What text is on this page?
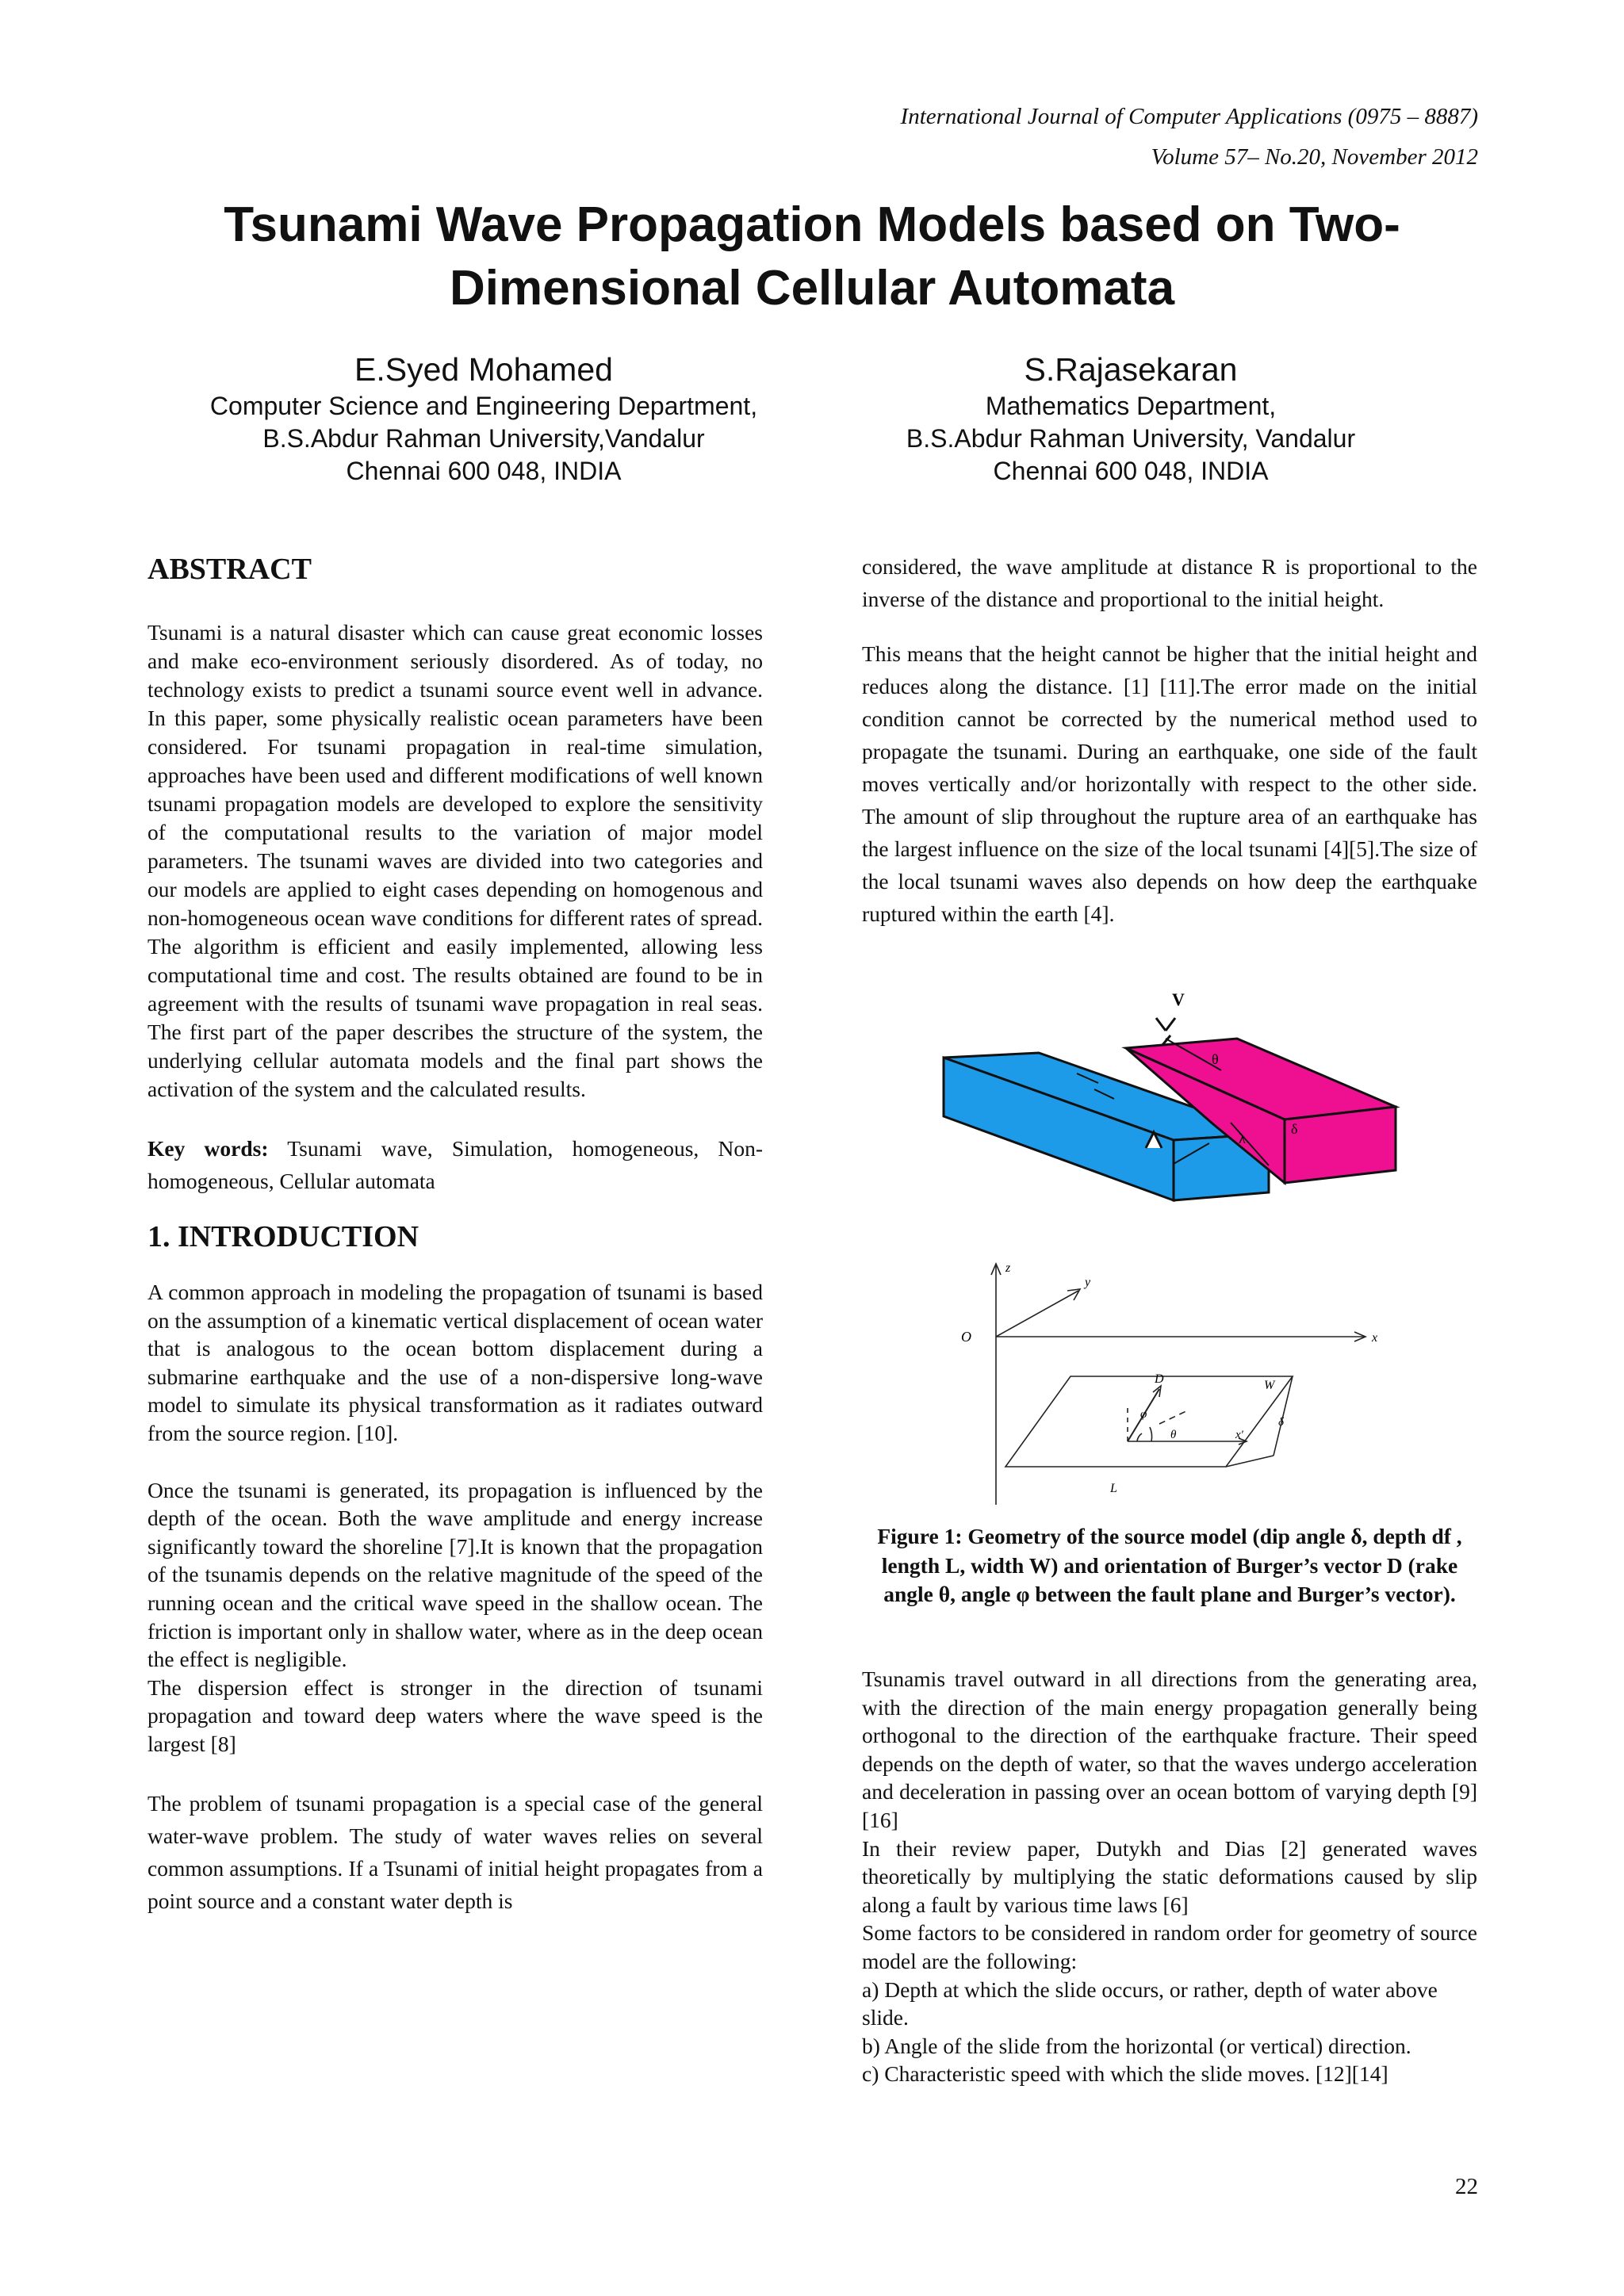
International Journal of Computer Applications (0975 – 8887)
Volume 57– No.20, November 2012
Tsunami Wave Propagation Models based on Two-
Dimensional Cellular Automata
E.Syed Mohamed
Computer Science and Engineering Department,
B.S.Abdur Rahman University,Vandalur
Chennai 600 048, INDIA
S.Rajasekaran
Mathematics Department,
B.S.Abdur Rahman University, Vandalur
Chennai 600 048, INDIA
ABSTRACT

Tsunami is a natural disaster which can cause great economic losses and make eco-environment seriously disordered. As of today, no technology exists to predict a tsunami source event well in advance. In this paper, some physically realistic ocean parameters have been considered. For tsunami propagation in real-time simulation, approaches have been used and different modifications of well known tsunami propagation models are developed to explore the sensitivity of the computational results to the variation of major model parameters. The tsunami waves are divided into two categories and our models are applied to eight cases depending on homogenous and non-homogeneous ocean wave conditions for different rates of spread. The algorithm is efficient and easily implemented, allowing less computational time and cost. The results obtained are found to be in agreement with the results of tsunami wave propagation in real seas. The first part of the paper describes the structure of the system, the underlying cellular automata models and the final part shows the activation of the system and the calculated results.

Key words: Tsunami wave, Simulation, homogeneous, Non-homogeneous, Cellular automata

1. INTRODUCTION

A common approach in modeling the propagation of tsunami is based on the assumption of a kinematic vertical displacement of ocean water that is analogous to the ocean bottom displacement during a submarine earthquake and the use of a non-dispersive long-wave model to simulate its physical transformation as it radiates outward from the source region. [10].

Once the tsunami is generated, its propagation is influenced by the depth of the ocean. Both the wave amplitude and energy increase significantly toward the shoreline [7].It is known that the propagation of the tsunamis depends on the relative magnitude of the speed of the running ocean and the critical wave speed in the shallow ocean. The friction is important only in shallow water, where as in the deep ocean the effect is negligible.

The dispersion effect is stronger in the direction of tsunami propagation and toward deep waters where the wave speed is the largest [8]

The problem of tsunami propagation is a special case of the general water-wave problem. The study of water waves relies on several common assumptions. If a Tsunami of initial height propagates from a point source and a constant water depth is

considered, the wave amplitude at distance R is proportional to the inverse of the distance and proportional to the initial height.

This means that the height cannot be higher that the initial height and reduces along the distance. [1] [11].The error made on the initial condition cannot be corrected by the numerical method used to propagate the tsunami. During an earthquake, one side of the fault moves vertically and/or horizontally with respect to the other side. The amount of slip throughout the rupture area of an earthquake has the largest influence on the size of the local tsunami [4][5].The size of the local tsunami waves also depends on how deep the earthquake ruptured within the earth [4].

V
θ
δ
λ
z
y
O	x
D	W
φ
θ	x′
δ
L
Figure 1: Geometry of the source model (dip angle δ, depth df , length L, width W) and orientation of Burger’s vector D (rake angle θ, angle φ between the fault plane and Burger’s vector).

Tsunamis travel outward in all directions from the generating area, with the direction of the main energy propagation generally being orthogonal to the direction of the earthquake fracture. Their speed depends on the depth of water, so that the waves undergo acceleration and deceleration in passing over an ocean bottom of varying depth [9][16]

In their review paper, Dutykh and Dias [2] generated waves theoretically by multiplying the static deformations caused by slip along a fault by various time laws [6]

Some factors to be considered in random order for geometry of source model are the following:

a) Depth at which the slide occurs, or rather, depth of water above slide.

b) Angle of the slide from the horizontal (or vertical) direction.

c) Characteristic speed with which the slide moves. [12][14]

22
